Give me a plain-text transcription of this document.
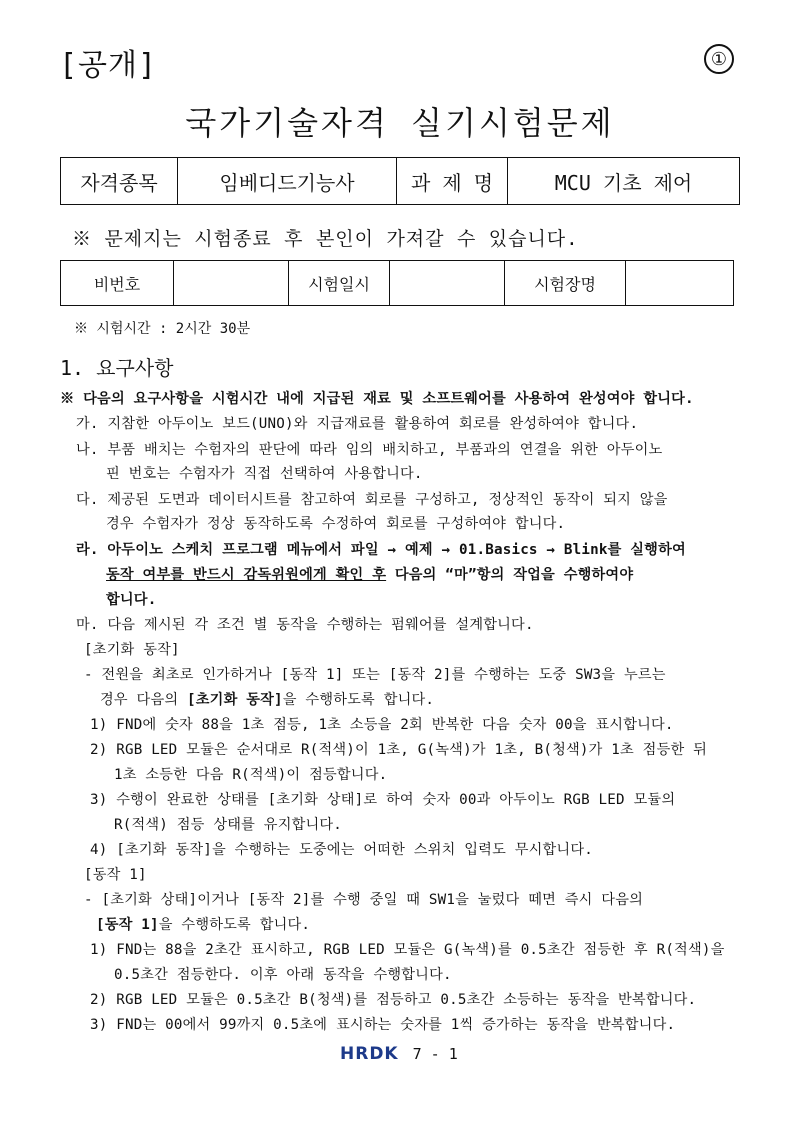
[공개]	①
국가기술자격 실기시험문제
자격종목	임베디드기능사	과 제 명	MCU 기초 제어
※ 문제지는 시험종료 후 본인이 가져갈 수 있습니다.
비번호		시험일시		시험장명	
※ 시험시간 : 2시간 30분
1. 요구사항
※ 다음의 요구사항을 시험시간 내에 지급된 재료 및 소프트웨어를 사용하여 완성여야 합니다.
가. 지참한 아두이노 보드(UNO)와 지급재료를 활용하여 회로를 완성하여야 합니다.
나. 부품 배치는 수험자의 판단에 따라 임의 배치하고, 부품과의 연결을 위한 아두이노
핀 번호는 수험자가 직접 선택하여 사용합니다.
다. 제공된 도면과 데이터시트를 참고하여 회로를 구성하고, 정상적인 동작이 되지 않을
경우 수험자가 정상 동작하도록 수정하여 회로를 구성하여야 합니다.
라. 아두이노 스케치 프로그램 메뉴에서 파일 → 예제 → 01.Basics → Blink를 실행하여
동작 여부를 반드시 감독위원에게 확인 후 다음의 “마”항의 작업을 수행하여야
합니다.
마. 다음 제시된 각 조건 별 동작을 수행하는 펌웨어를 설계합니다.
[초기화 동작]
- 전원을 최초로 인가하거나 [동작 1] 또는 [동작 2]를 수행하는 도중 SW3을 누르는
경우 다음의 [초기화 동작]을 수행하도록 합니다.
1) FND에 숫자 88을 1초 점등, 1초 소등을 2회 반복한 다음 숫자 00을 표시합니다.
2) RGB LED 모듈은 순서대로 R(적색)이 1초, G(녹색)가 1초, B(청색)가 1초 점등한 뒤
1초 소등한 다음 R(적색)이 점등합니다.
3) 수행이 완료한 상태를 [초기화 상태]로 하여 숫자 00과 아두이노 RGB LED 모듈의
R(적색) 점등 상태를 유지합니다.
4) [초기화 동작]을 수행하는 도중에는 어떠한 스위치 입력도 무시합니다.
[동작 1]
- [초기화 상태]이거나 [동작 2]를 수행 중일 때 SW1을 눌렀다 떼면 즉시 다음의
[동작 1]을 수행하도록 합니다.
1) FND는 88을 2초간 표시하고, RGB LED 모듈은 G(녹색)를 0.5초간 점등한 후 R(적색)을
0.5초간 점등한다. 이후 아래 동작을 수행합니다.
2) RGB LED 모듈은 0.5초간 B(청색)를 점등하고 0.5초간 소등하는 동작을 반복합니다.
3) FND는 00에서 99까지 0.5초에 표시하는 숫자를 1씩 증가하는 동작을 반복합니다.
HRDK 7 - 1
